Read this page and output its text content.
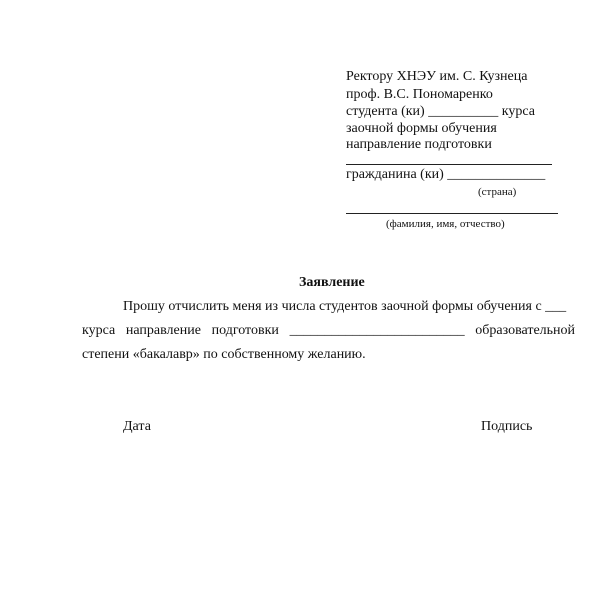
Ректору ХНЭУ им. С. Кузнеца
проф. В.С. Пономаренко
студента (ки) __________ курса
заочной формы обучения
направление подготовки
гражданина (ки) ______________
(страна)
(фамилия, имя, отчество)
Заявление
Прошу отчислить меня из числа студентов заочной формы обучения с ___
курса направление подготовки _________________________ образовательной
степени «бакалавр» по собственному желанию.
Дата	Подпись
